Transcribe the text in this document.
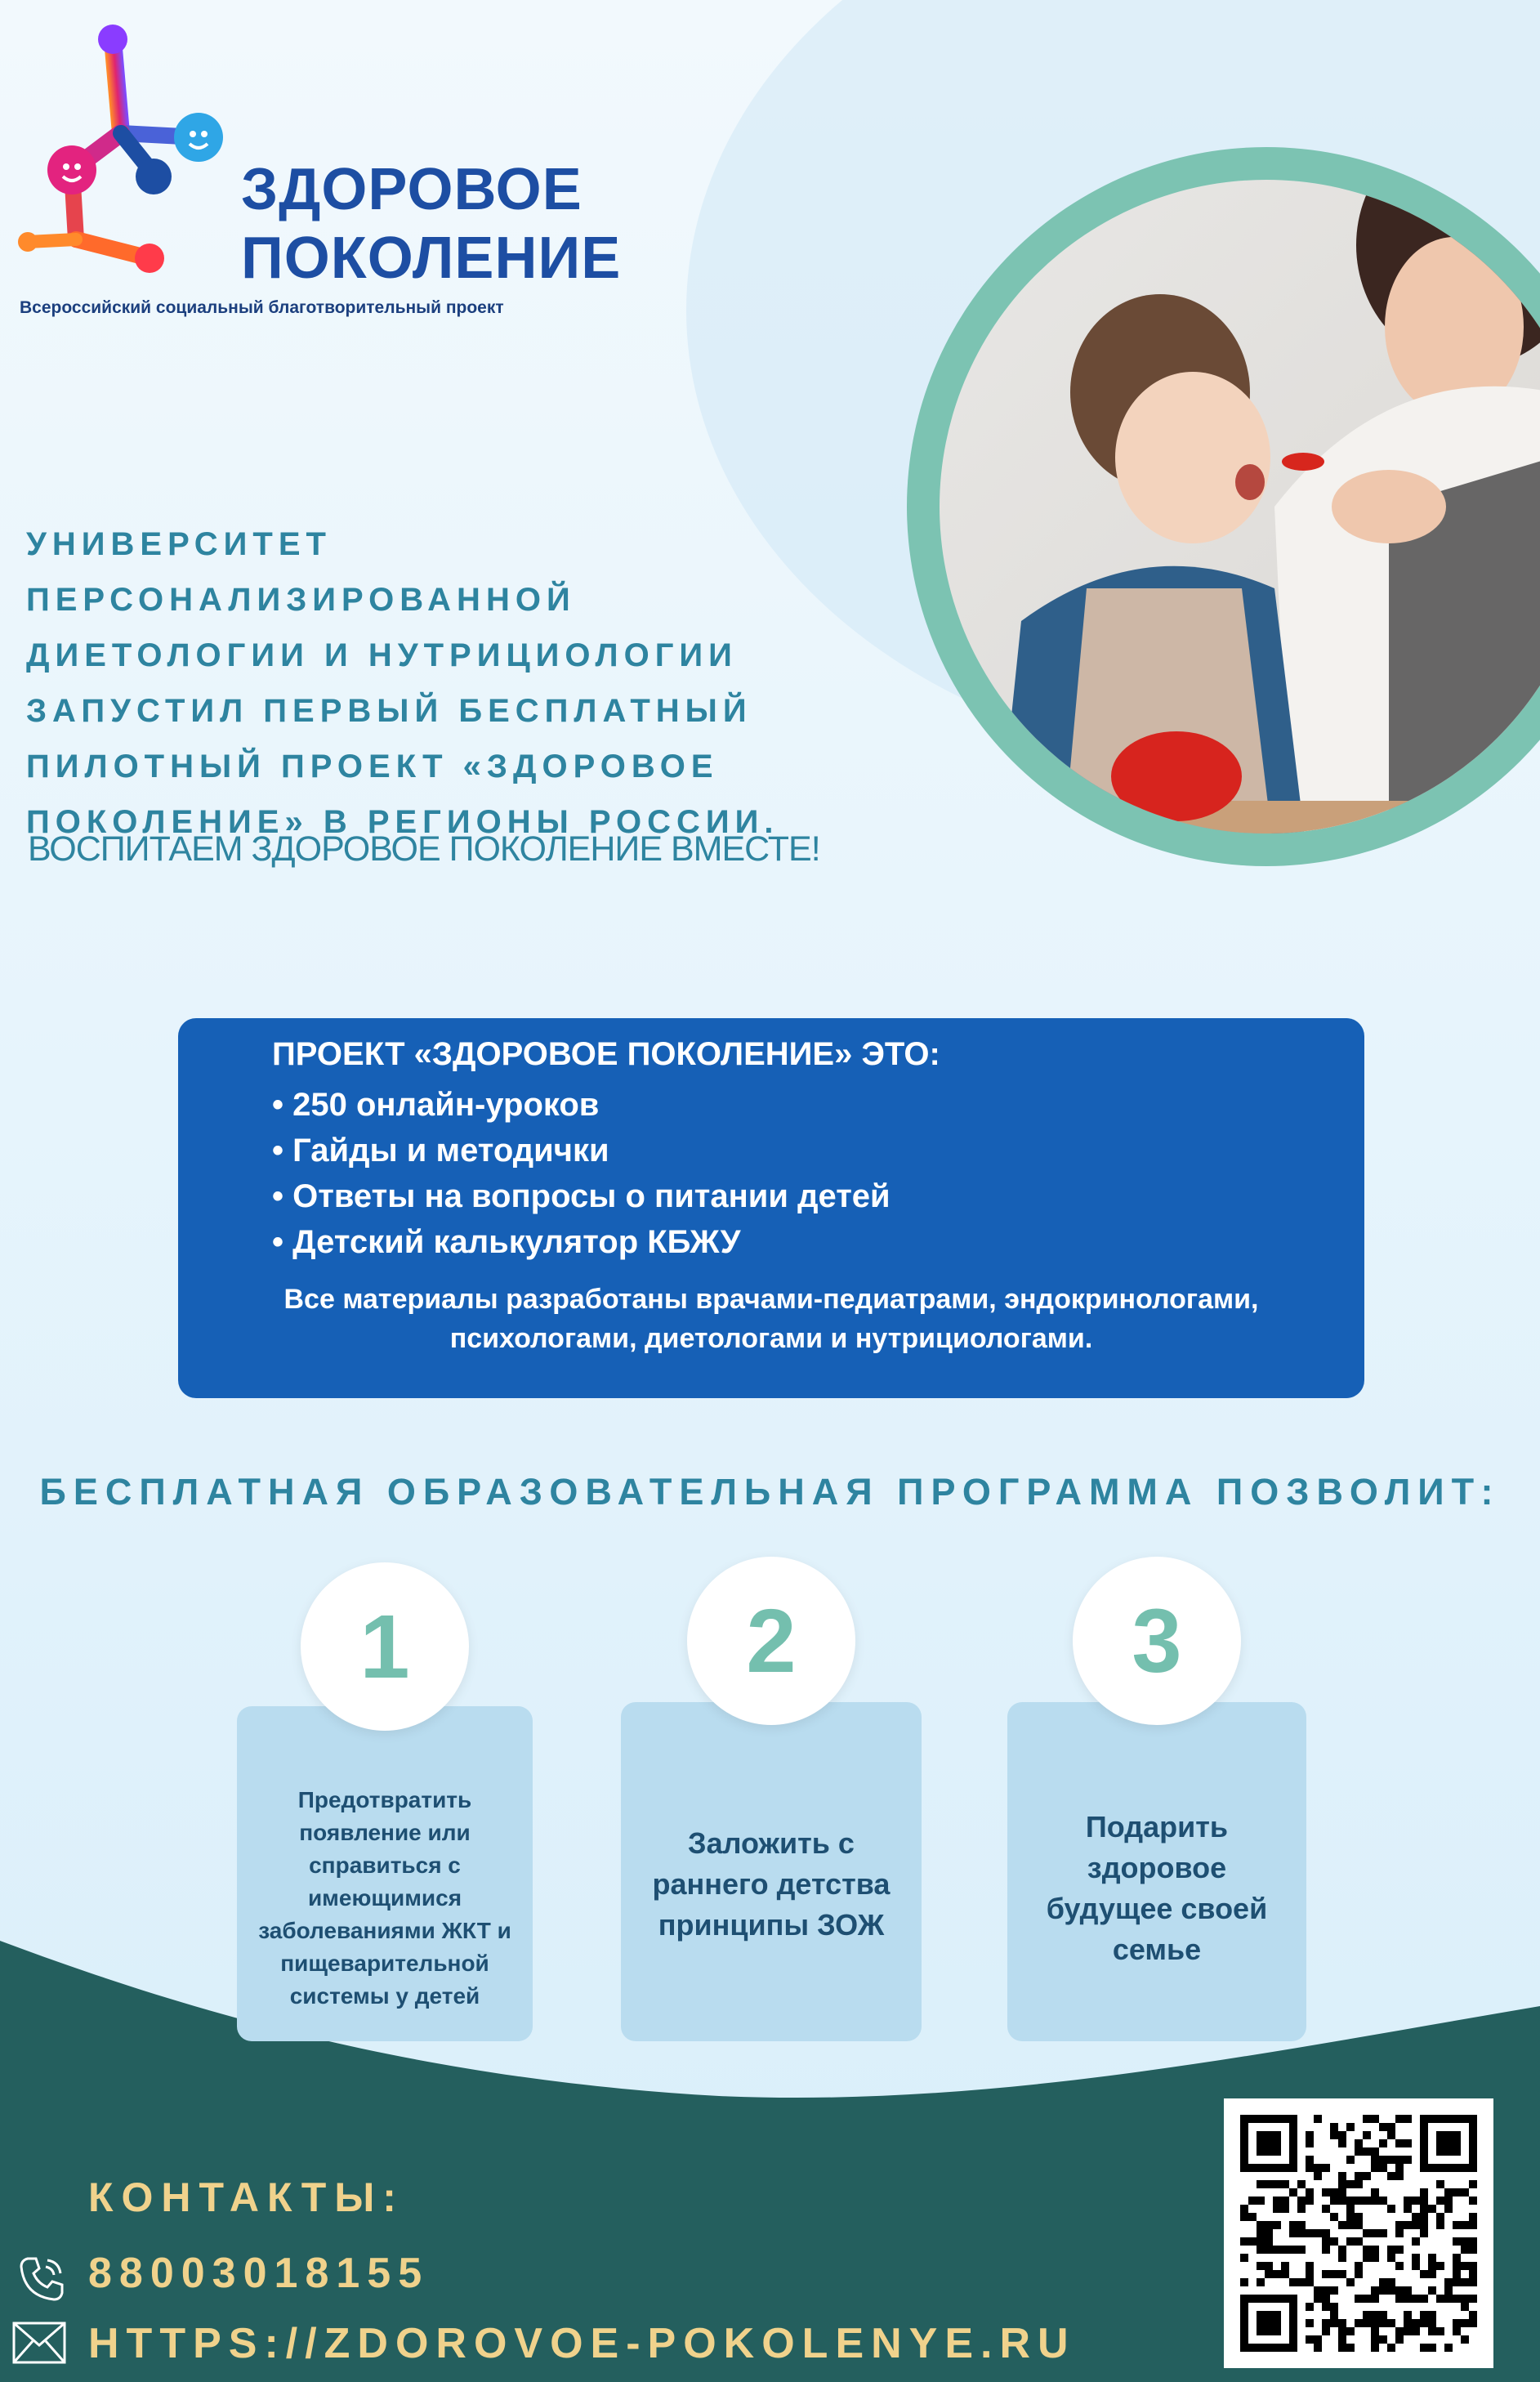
ЗДОРОВОЕ
ПОКОЛЕНИЕ
Всероссийский социальный благотворительный проект
УНИВЕРСИТЕТ ПЕРСОНАЛИЗИРОВАННОЙ
ДИЕТОЛОГИИ И НУТРИЦИОЛОГИИ
ЗАПУСТИЛ ПЕРВЫЙ БЕСПЛАТНЫЙ
ПИЛОТНЫЙ ПРОЕКТ «ЗДОРОВОЕ
ПОКОЛЕНИЕ» В РЕГИОНЫ РОССИИ.
ВОСПИТАЕМ ЗДОРОВОЕ ПОКОЛЕНИЕ ВМЕСТЕ!
ПРОЕКТ «ЗДОРОВОЕ ПОКОЛЕНИЕ» ЭТО:
• 250 онлайн-уроков
• Гайды и методички
• Ответы на вопросы о питании детей
• Детский калькулятор КБЖУ
Все материалы разработаны врачами-педиатрами, эндокринологами,
психологами, диетологами и нутрициологами.
БЕСПЛАТНАЯ ОБРАЗОВАТЕЛЬНАЯ ПРОГРАММА ПОЗВОЛИТ:
Предотвратить
появление или
справиться с
имеющимися
заболеваниями ЖКТ и
пищеварительной
системы у детей
1
Заложить с
раннего детства
принципы ЗОЖ
2
Подарить
здоровое
будущее своей
семье
3
КОНТАКТЫ:
88003018155
HTTPS://ZDOROVOE-POKOLENYE.RU
